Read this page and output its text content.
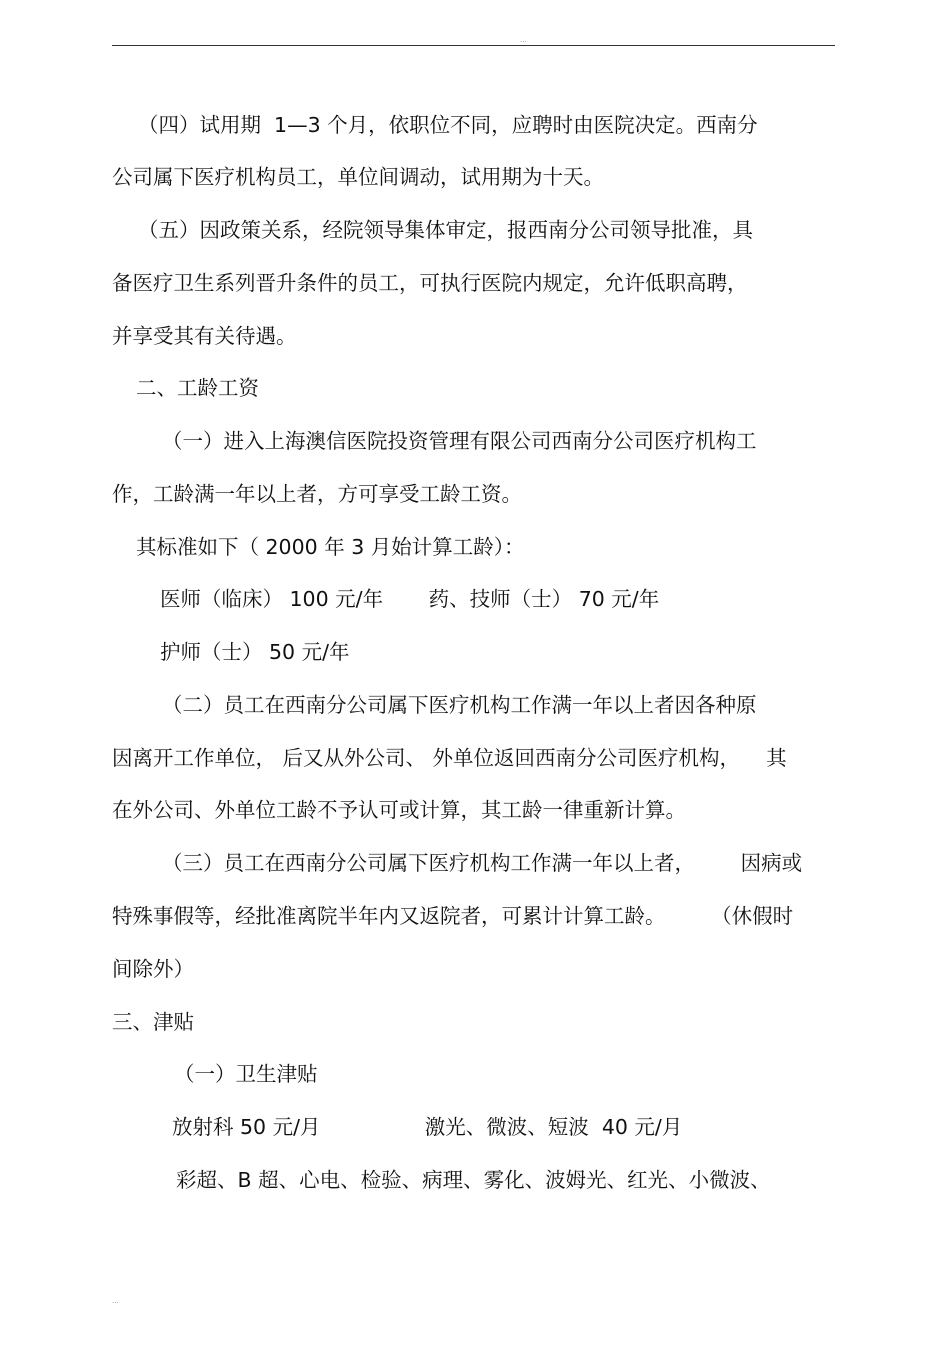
…
（四）试用期  1—3 个月，依职位不同，应聘时由医院决定。西南分
公司属下医疗机构员工，单位间调动，试用期为十天。
（五）因政策关系，经院领导集体审定，报西南分公司领导批准，具
备医疗卫生系列晋升条件的员工，可执行医院内规定，允许低职高聘，
并享受其有关待遇。
二、工龄工资
（一）进入上海澳信医院投资管理有限公司西南分公司医疗机构工
作，工龄满一年以上者，方可享受工龄工资。
其标准如下（ 2000 年 3 月始计算工龄）：
医师（临床） 100 元/年       药、技师（士） 70 元/年
护师（士） 50 元/年
（二）员工在西南分公司属下医疗机构工作满一年以上者因各种原
因离开工作单位， 后又从外公司、 外单位返回西南分公司医疗机构，    其
在外公司、外单位工龄不予认可或计算，其工龄一律重新计算。
（三）员工在西南分公司属下医疗机构工作满一年以上者，       因病或
特殊事假等，经批准离院半年内又返院者，可累计计算工龄。       （休假时
间除外）
三、津贴
（一）卫生津贴
放射科 50 元/月                激光、微波、短波  40 元/月
彩超、B 超、心电、检验、病理、雾化、波姆光、红光、小微波、
…
